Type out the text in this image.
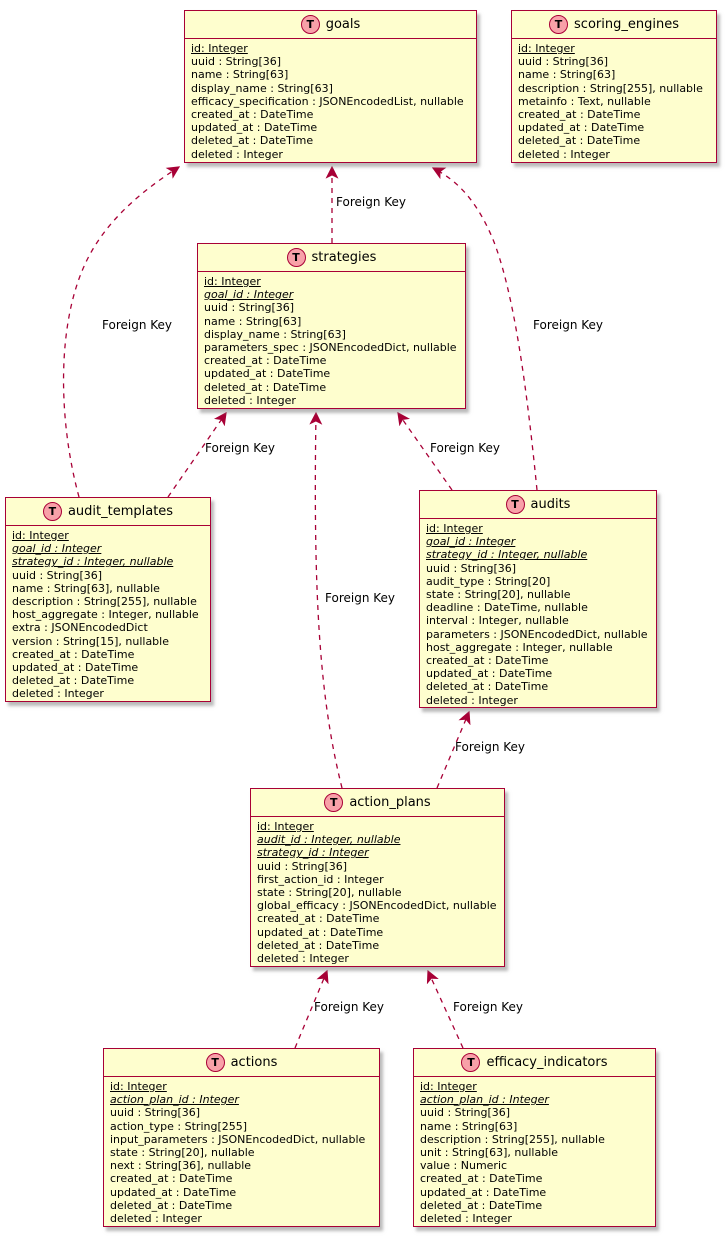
T goals
id: Integer
uuid : String[36]
name : String[63]
display_name : String[63]
efficacy_specification : JSONEncodedList, nullable
created_at : DateTime
updated_at : DateTime
deleted_at : DateTime
deleted : Integer
T scoring_engines
id: Integer
uuid : String[36]
name : String[63]
description : String[255], nullable
metainfo : Text, nullable
created_at : DateTime
updated_at : DateTime
deleted_at : DateTime
deleted : Integer
T strategies
id: Integer
goal_id : Integer
uuid : String[36]
name : String[63]
display_name : String[63]
parameters_spec : JSONEncodedDict, nullable
created_at : DateTime
updated_at : DateTime
deleted_at : DateTime
deleted : Integer
T audit_templates
id: Integer
goal_id : Integer
strategy_id : Integer, nullable
uuid : String[36]
name : String[63], nullable
description : String[255], nullable
host_aggregate : Integer, nullable
extra : JSONEncodedDict
version : String[15], nullable
created_at : DateTime
updated_at : DateTime
deleted_at : DateTime
deleted : Integer
T audits
id: Integer
goal_id : Integer
strategy_id : Integer, nullable
uuid : String[36]
audit_type : String[20]
state : String[20], nullable
deadline : DateTime, nullable
interval : Integer, nullable
parameters : JSONEncodedDict, nullable
host_aggregate : Integer, nullable
created_at : DateTime
updated_at : DateTime
deleted_at : DateTime
deleted : Integer
T action_plans
id: Integer
audit_id : Integer, nullable
strategy_id : Integer
uuid : String[36]
first_action_id : Integer
state : String[20], nullable
global_efficacy : JSONEncodedDict, nullable
created_at : DateTime
updated_at : DateTime
deleted_at : DateTime
deleted : Integer
T actions
id: Integer
action_plan_id : Integer
uuid : String[36]
action_type : String[255]
input_parameters : JSONEncodedDict, nullable
state : String[20], nullable
next : String[36], nullable
created_at : DateTime
updated_at : DateTime
deleted_at : DateTime
deleted : Integer
T efficacy_indicators
id: Integer
action_plan_id : Integer
uuid : String[36]
name : String[63]
description : String[255], nullable
unit : String[63], nullable
value : Numeric
created_at : DateTime
updated_at : DateTime
deleted_at : DateTime
deleted : Integer
Foreign Key
Foreign Key	Foreign Key
Foreign Key	Foreign Key
Foreign Key
Foreign Key
Foreign Key	Foreign Key
